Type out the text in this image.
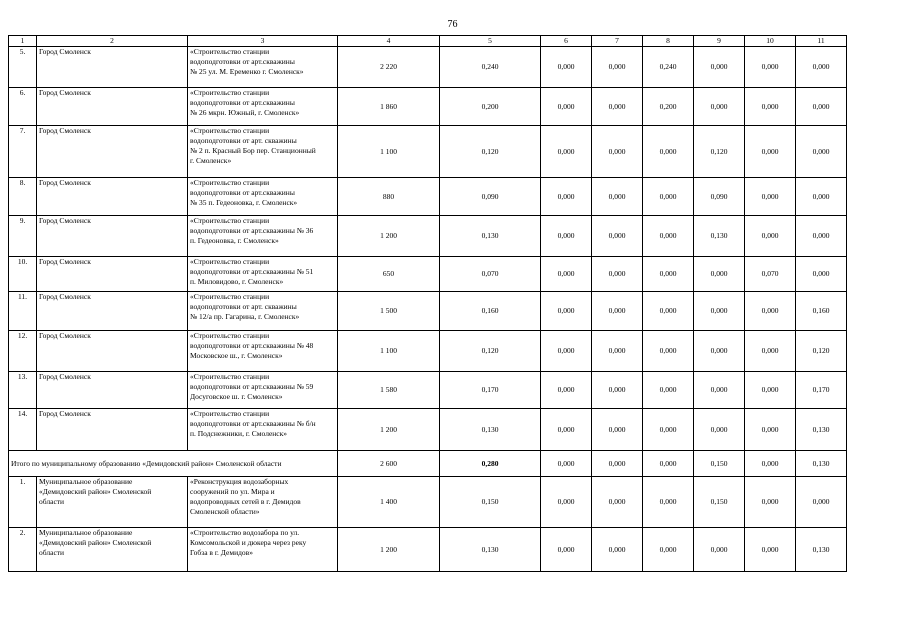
76
1	2	3	4	5	6	7	8	9	10	11
5.	Город Смоленск	«Строительство станции
водоподготовки от арт.скважины
№ 25 ул. М. Еременко г. Смоленск»	2 220	0,240	0,000	0,000	0,240	0,000	0,000	0,000
6.	Город Смоленск	«Строительство станции
водоподготовки от арт.скважины
№ 26 мкрн. Южный, г. Смоленск»	1 860	0,200	0,000	0,000	0,200	0,000	0,000	0,000
7.	Город Смоленск	«Строительство станции
водоподготовки от арт. скважины
№ 2 п. Красный Бор пер. Станционный
г. Смоленск»	1 100	0,120	0,000	0,000	0,000	0,120	0,000	0,000
8.	Город Смоленск	«Строительство станции
водоподготовки от арт.скважины
№ 35 п. Гедеоновка, г. Смоленск»	880	0,090	0,000	0,000	0,000	0,090	0,000	0,000
9.	Город Смоленск	«Строительство станции
водоподготовки от арт.скважины № 36
п. Гедеоновка, г. Смоленск»	1 200	0,130	0,000	0,000	0,000	0,130	0,000	0,000
10.	Город Смоленск	«Строительство станции
водоподготовки от арт.скважины № 51
п. Миловидово, г. Смоленск»	650	0,070	0,000	0,000	0,000	0,000	0,070	0,000
11.	Город Смоленск	«Строительство станции
водоподготовки от арт. скважины
№ 12/а пр. Гагарина, г. Смоленск»	1 500	0,160	0,000	0,000	0,000	0,000	0,000	0,160
12.	Город Смоленск	«Строительство станции
водоподготовки от арт.скважины № 48
Московское ш., г. Смоленск»	1 100	0,120	0,000	0,000	0,000	0,000	0,000	0,120
13.	Город Смоленск	«Строительство станции
водоподготовки от арт.скважины № 59
Досуговское ш. г. Смоленск»	1 580	0,170	0,000	0,000	0,000	0,000	0,000	0,170
14.	Город Смоленск	«Строительство станции
водоподготовки от арт.скважины № б/н
п. Подснежники, г. Смоленск»	1 200	0,130	0,000	0,000	0,000	0,000	0,000	0,130
Итого по муниципальному образованию «Демидовский район» Смоленской области			2 600	0,280	0,000	0,000	0,000	0,150	0,000	0,130
1.	Муниципальное образование
«Демидовский район» Смоленской
области	«Реконструкция водозаборных
сооружений по ул. Мира и
водопроводных сетей в г. Демидов
Смоленской области»	1 400	0,150	0,000	0,000	0,000	0,150	0,000	0,000
2.	Муниципальное образование
«Демидовский район» Смоленской
области	«Строительство водозабора по ул.
Комсомольской и дюкера через реку
Гобза в г. Демидов»	1 200	0,130	0,000	0,000	0,000	0,000	0,000	0,130
